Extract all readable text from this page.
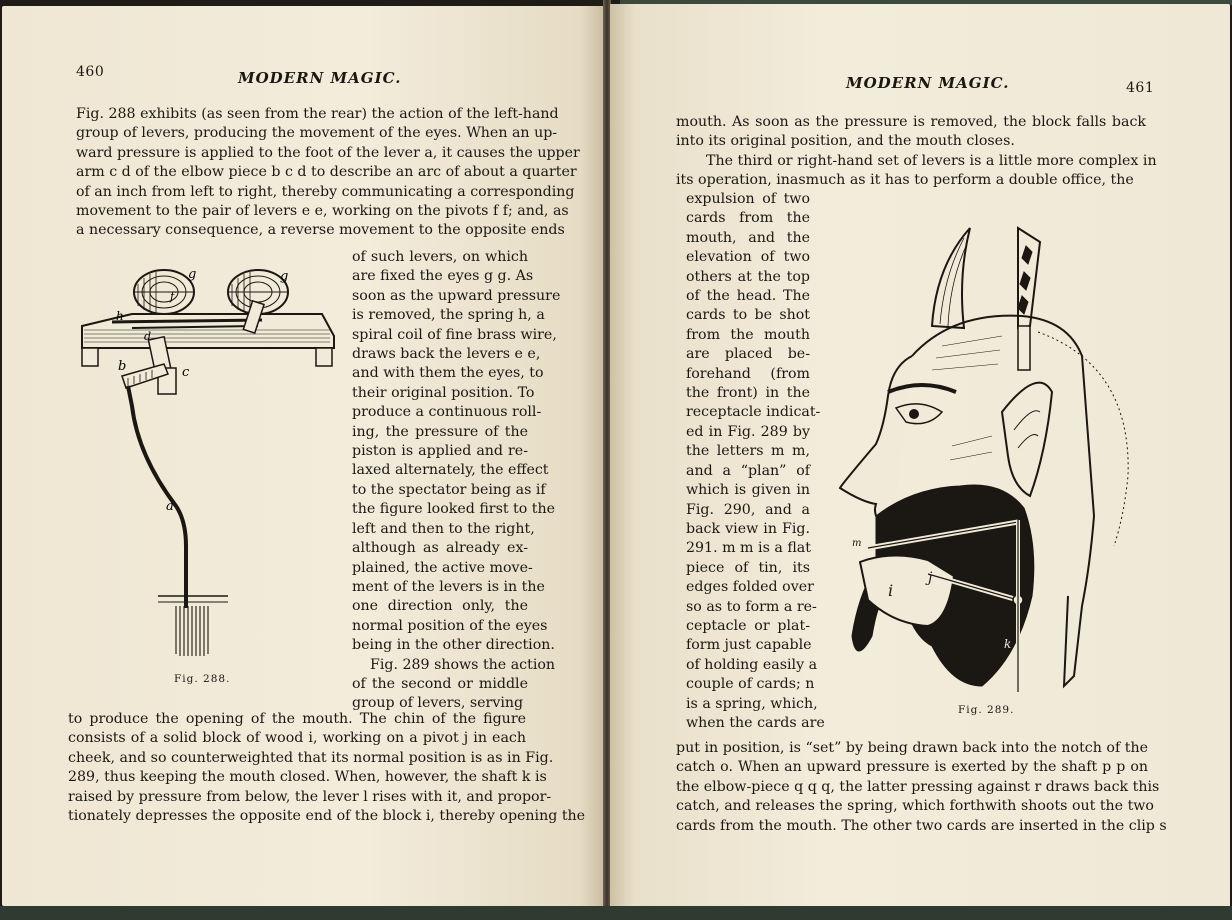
460	MODERN MAGIC.
Fig. 288 exhibits (as seen from the rear) the action of the left-hand
group of levers, producing the movement of the eyes. When an up-
ward pressure is applied to the foot of the lever a, it causes the upper
arm c d of the elbow piece b c d to describe an arc of about a quarter
of an inch from left to right, thereby communicating a corresponding
movement to the pair of levers e e, working on the pivots f f; and, as
a necessary consequence, a reverse movement to the opposite ends
g	g
h
f
d
b	c
a
Fig. 288.
of such levers, on which
are fixed the eyes g g. As
soon as the upward pressure
is removed, the spring h, a
spiral coil of fine brass wire,
draws back the levers e e,
and with them the eyes, to
their original position. To
produce a continuous roll-
ing, the pressure of the
piston is applied and re-
laxed alternately, the effect
to the spectator being as if
the figure looked first to the
left and then to the right,
although as already ex-
plained, the active move-
ment of the levers is in the
one direction only, the
normal position of the eyes
being in the other direction.
Fig. 289 shows the action
of the second or middle
group of levers, serving
to produce the opening of the mouth. The chin of the figure
consists of a solid block of wood i, working on a pivot j in each
cheek, and so counterweighted that its normal position is as in Fig.
289, thus keeping the mouth closed. When, however, the shaft k is
raised by pressure from below, the lever l rises with it, and propor-
tionately depresses the opposite end of the block i, thereby opening the
MODERN MAGIC.	461
mouth. As soon as the pressure is removed, the block falls back
into its original position, and the mouth closes.
The third or right-hand set of levers is a little more complex in
its operation, inasmuch as it has to perform a double office, the
expulsion of two
cards from the
mouth, and the
elevation of two
others at the top
of the head. The
cards to be shot
from the mouth
are placed be-
forehand (from
the front) in the
receptacle indicat-
ed in Fig. 289 by
the letters m m,
and a “plan” of
which is given in
Fig. 290, and a
back view in Fig.
291. m m is a flat
piece of tin, its
edges folded over
so as to form a re-
ceptacle or plat-
form just capable
of holding easily a
couple of cards; n
is a spring, which,
when the cards are
m
i
j
k
Fig. 289.
put in position, is “set” by being drawn back into the notch of the
catch o. When an upward pressure is exerted by the shaft p p on
the elbow-piece q q q, the latter pressing against r draws back this
catch, and releases the spring, which forthwith shoots out the two
cards from the mouth. The other two cards are inserted in the clip s
